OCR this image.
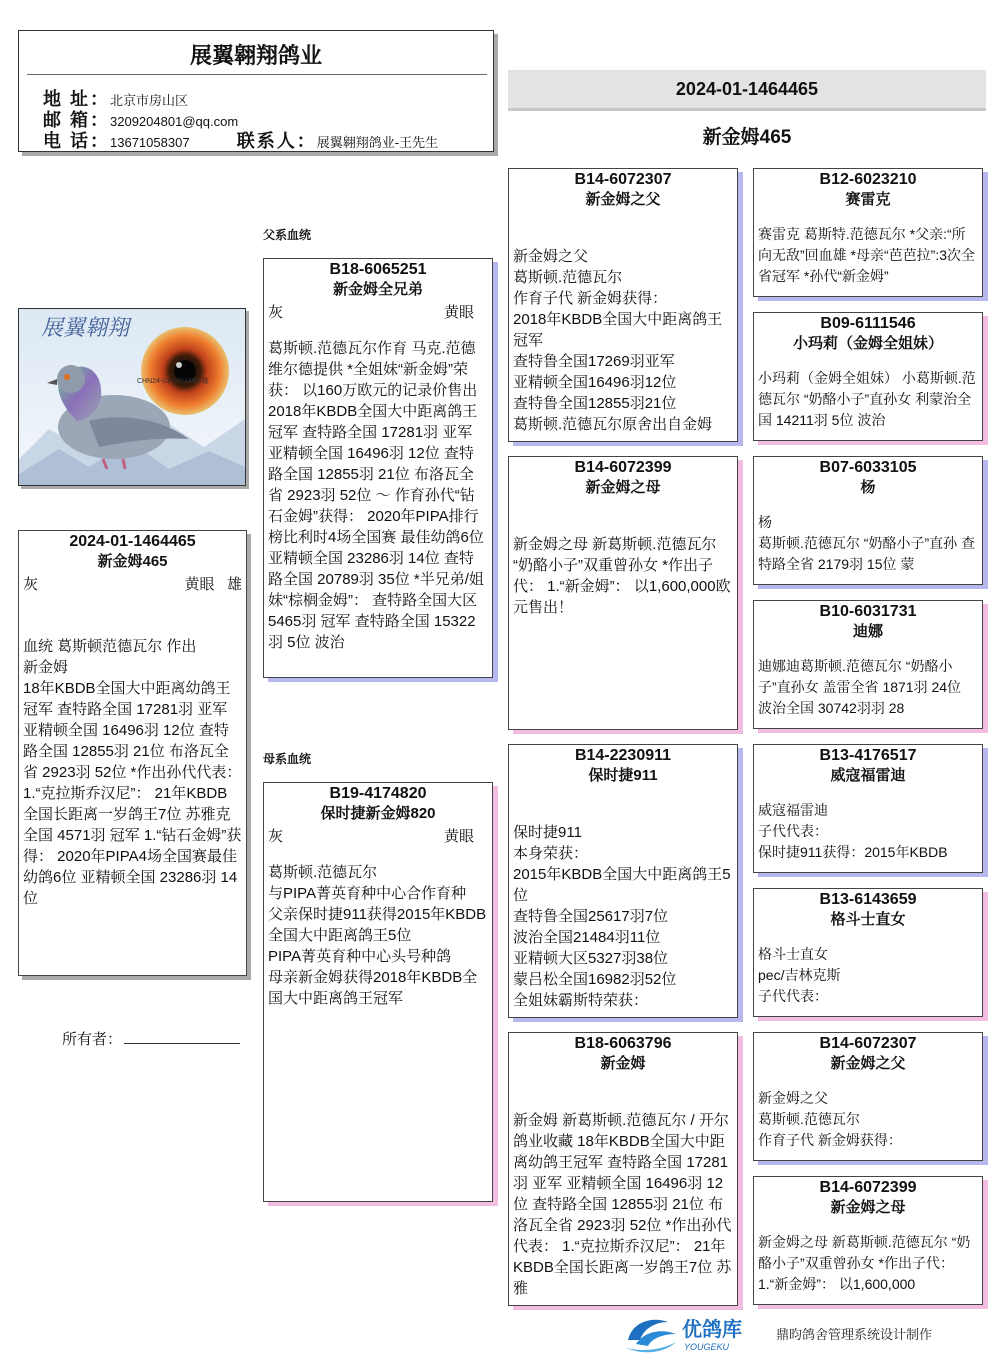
展翼翱翔鸽业
地 址：北京市房山区
邮 箱：3209204801@qq.com
电 话：13671058307	联系人：展翼翱翔鸽业-王先生
2024-01-1464465
新金姆465
展翼翱翔
CHN24-01-1464465 雄
父系血统
母系血统
2024-01-1464465
新金姆465
灰	黄眼 雄
血统 葛斯顿范德瓦尔 作出
新金姆
18年KBDB全国大中距离幼鸽王冠军 查特路全国 17281羽 亚军 亚精顿全国 16496羽 12位 查特路全国 12855羽 21位 布洛瓦全省 2923羽 52位 *作出孙代代表： 1.“克拉斯乔汉尼”： 21年KBDB全国长距离一岁鸽王7位 苏雅克全国 4571羽 冠军 1.“钻石金姆”获得： 2020年PIPA4场全国赛最佳幼鸽6位 亚精顿全国 23286羽 14位
所有者：
B18-6065251
新金姆全兄弟
灰	黄眼
葛斯顿.范德瓦尔作育 马克.范德维尔德提供 *全姐妹“新金姆”荣获： 以160万欧元的记录价售出 2018年KBDB全国大中距离鸽王冠军 查特路全国 17281羽 亚军 亚精顿全国 16496羽 12位 查特路全国 12855羽 21位 布洛瓦全省 2923羽 52位 ～ 作育孙代“钻石金姆”获得： 2020年PIPA排行榜比利时4场全国赛 最佳幼鸽6位 亚精顿全国 23286羽 14位 查特路全国 20789羽 35位 *半兄弟/姐妹“棕榈金姆”： 查特路全国大区 5465羽 冠军 查特路全国 15322羽 5位 波治
B19-4174820
保时捷新金姆820
灰	黄眼
葛斯顿.范德瓦尔
与PIPA菁英育种中心合作育种
父亲保时捷911获得2015年KBDB全国大中距离鸽王5位
PIPA菁英育种中心头号种鸽
母亲新金姆获得2018年KBDB全国大中距离鸽王冠军
B14-6072307
新金姆之父
新金姆之父
葛斯顿.范德瓦尔
作育子代 新金姆获得：
2018年KBDB全国大中距离鸽王冠军
查特鲁全国17269羽亚军
亚精顿全国16496羽12位
查特鲁全国12855羽21位
葛斯顿.范德瓦尔原舍出自金姆
B14-6072399
新金姆之母
新金姆之母 新葛斯顿.范德瓦尔 “奶酪小子”双重曾孙女 *作出子代： 1.“新金姆”： 以1,600,000欧元售出！
B14-2230911
保时捷911
保时捷911
本身荣获：
2015年KBDB全国大中距离鸽王5位
查特鲁全国25617羽7位
波治全国21484羽11位
亚精顿大区5327羽38位
蒙吕松全国16982羽52位
全姐妹霸斯特荣获：
B18-6063796
新金姆
新金姆 新葛斯顿.范德瓦尔 / 开尔鸽业收藏 18年KBDB全国大中距离幼鸽王冠军 查特路全国 17281羽 亚军 亚精顿全国 16496羽 12位 查特路全国 12855羽 21位 布洛瓦全省 2923羽 52位 *作出孙代代表： 1.“克拉斯乔汉尼”： 21年KBDB全国长距离一岁鸽王7位 苏雅
B12-6023210
赛雷克
赛雷克 葛斯特.范德瓦尔 *父亲:“所向无敌”回血雄 *母亲“芭芭拉”:3次全省冠军 *孙代“新金姆”
B09-6111546
小玛莉（金姆全姐妹）
小玛莉（金姆全姐妹） 小葛斯顿.范德瓦尔 “奶酪小子”直孙女 利蒙治全国 14211羽 5位 波治
B07-6033105
杨
杨
葛斯顿.范德瓦尔 “奶酪小子”直孙 查特路全省 2179羽 15位 蒙
B10-6031731
迪娜
迪娜迪葛斯顿.范德瓦尔 “奶酪小子”直孙女 盖雷全省 1871羽 24位 波治全国 30742羽羽 28
B13-4176517
威寇福雷迪
威寇福雷迪
子代代表：
保时捷911获得：2015年KBDB
B13-6143659
格斗士直女
格斗士直女
pec/吉林克斯
子代代表：
B14-6072307
新金姆之父
新金姆之父
葛斯顿.范德瓦尔
作育子代 新金姆获得：
B14-6072399
新金姆之母
新金姆之母 新葛斯顿.范德瓦尔 “奶酪小子”双重曾孙女 *作出子代： 1.“新金姆”： 以1,600,000
优鸽库
YOUGEKU
鼎昀鸽舍管理系统设计制作
